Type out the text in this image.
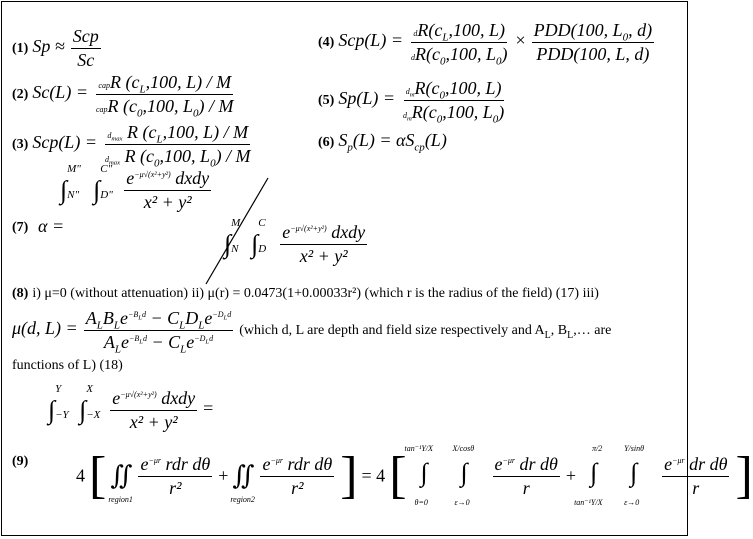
(1) $Sp \approx \frac{\text{Scp}}{Sc}$
(2) $Sc(L) = \frac{capR (c_L,100, L) / M}{capR (c_0,100, L_0) / M}$
(3) $Scp(L) = \frac{d_{max} R (c_L,100, L) / M}{d_{max} R (c_0,100, L_0) / M}$
(4) $Scp(L) = \frac{dR(c_L,100, L)}{dR(c_0,100, L_0)} \times \frac{PDD(100, L_0, d)}{\text{PDD(100, L, d)}}$
(5) $Sp(L) = \frac{d_mR(c_0,100, L)}{d_mR(c_0,100, L_0)}$
(6) $S_p(L) = \alpha S_{cp}(L)$
(7) α =
∫
M"
N" ∫
C"
D"
$\frac{e^{-\mu√(x^2+y^2)} dxdy}{\text{x² + y²}}$
∫
M
N ∫
C
D
$\frac{e^{-\mu√(x^2+y^2)} dxdy}{\text{x² + y²}}$
(8) i) μ=0 (without attenuation) ii) μ(r) = 0.0473(1+0.00033r²) (which r is the radius of the field) (17) iii)
μ(d, $L) = \frac{A_LB_Le^{-B_Ld} - C_LD_Le^{-D_Ld}}{A_Le^{-B_Ld} - C_Le^{-D_Ld}}$ (which d, L are depth and field size respectively and $A_L$, $B_L,\dots$ are
functions of L) (18)
∫
Y
−Y ∫
X
−X
$\frac{e^{-\mu√(x^2+y^2)} dxdy}{\text{x² + y²}}$ =
(9)
4 [ ∬
region1

$\frac{e^{-\mu r} rdr d\theta}{\text{r²}}$ + ∬
region2

$\frac{e^{-\mu r} rdr d\theta}{\text{r²}}$ ] = 4 [
tan⁻¹Y/X
∫
θ=0

X/cosθ
∫
ε→0

$\frac{e^{-\mu r} dr d\theta}{r}$ +
π/2
∫
tan⁻¹Y/X

Y/sinθ
∫
ε→0

$\frac{e^{-\mu r} dr d\theta}{r}$ ]
